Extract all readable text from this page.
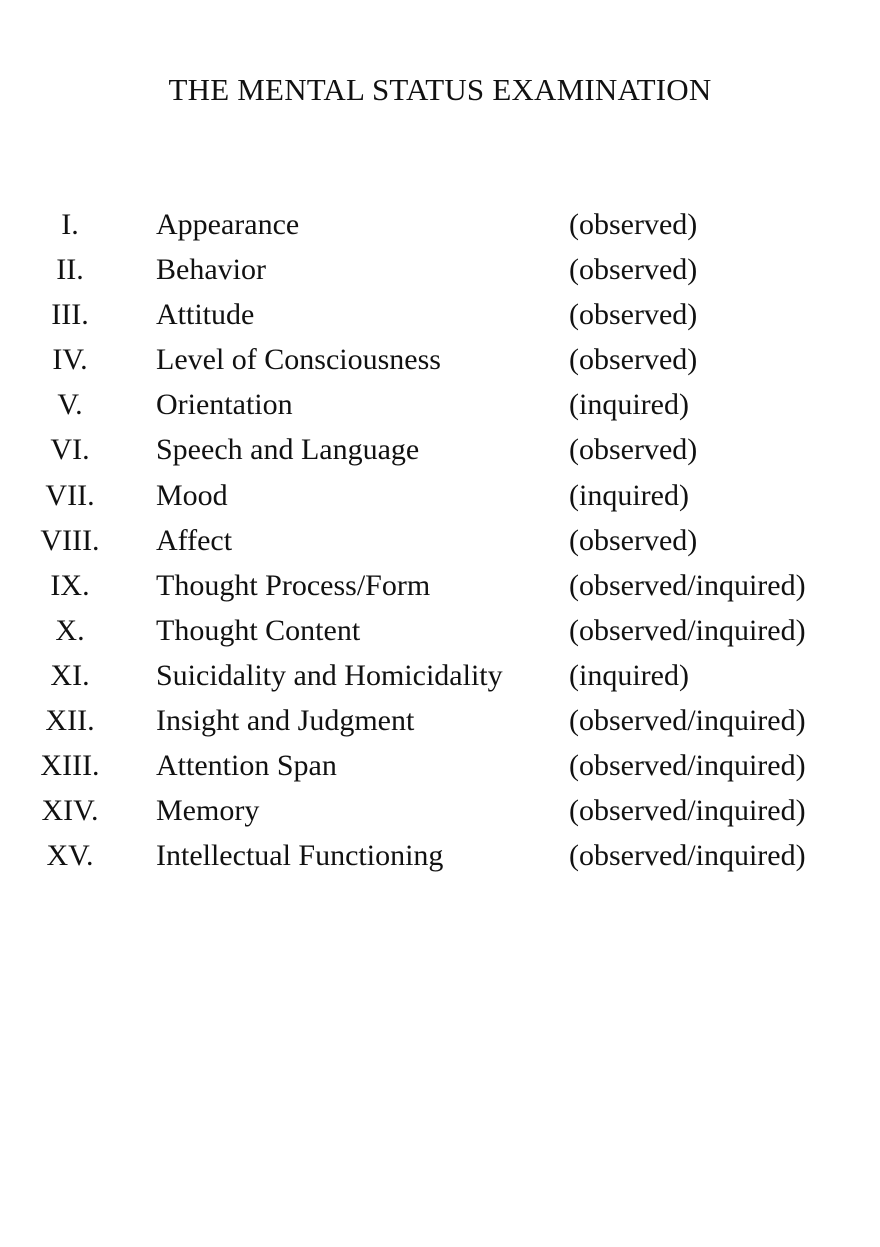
THE MENTAL STATUS EXAMINATION
I.	Appearance	(observed)
II.	Behavior	(observed)
III.	Attitude	(observed)
IV.	Level of Consciousness	(observed)
V.	Orientation	(inquired)
VI.	Speech and Language	(observed)
VII.	Mood	(inquired)
VIII.	Affect	(observed)
IX.	Thought Process/Form	(observed/inquired)
X.	Thought Content	(observed/inquired)
XI.	Suicidality and Homicidality (inquired)
XII.	Insight and Judgment	(observed/inquired)
XIII.	Attention Span	(observed/inquired)
XIV.	Memory	(observed/inquired)
XV.	Intellectual Functioning	(observed/inquired)
